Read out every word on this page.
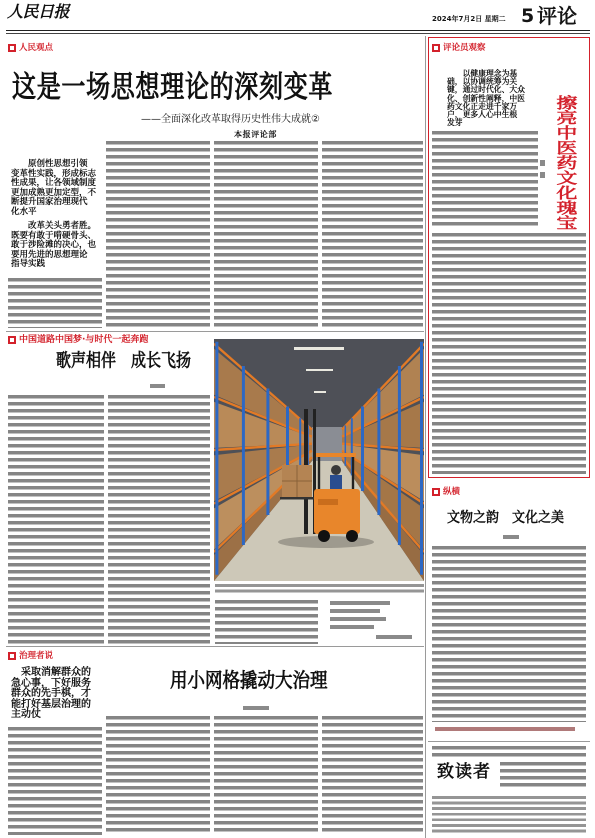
人民日报	2024年7月2日 星期二 5 评论
人民观点
这是一场思想理论的深刻变革
——全面深化改革取得历史性伟大成就②
本报评论部
原创性思想引领
变革性实践，形成标志
性成果，让各领域制度
更加成熟更加定型，不
断提升国家治理现代
化水平
改革关头勇者胜。
既要有敢于啃硬骨头、
敢于涉险滩的决心，也
要用先进的思想理论
指导实践
中国道路中国梦·与时代一起奔跑
歌声相伴　成长飞扬
治理者说
采取消解群众的
急心事，下好服务
群众的先手棋，才
能打好基层治理的
主动仗
用小网格撬动大治理
评论员观察
以健康理念为基
础，以协调统筹为关
键，通过时代化、大众
化、创新性阐释，中医
药文化正走进千家万
户，更多人心中生根
发芽	擦亮中医药文化瑰宝
纵横
文物之韵　文化之美
致读者
